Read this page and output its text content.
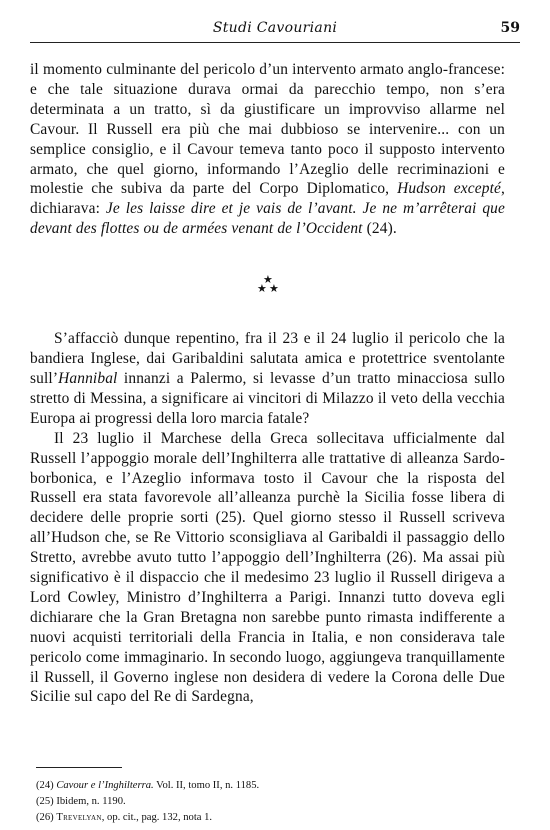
Studi Cavouriani	59

il momento culminante del pericolo d’un intervento armato anglo-francese: e che tale situazione durava ormai da parecchio tempo, non s’era determinata a un tratto, sì da giustificare un improvviso allarme nel Cavour. Il Russell era più che mai dubbioso se intervenire... con un semplice consiglio, e il Cavour temeva tanto poco il supposto intervento armato, che quel giorno, informando l’Azeglio delle recriminazioni e molestie che subiva da parte del Corpo Diplomatico, Hudson excepté, dichiarava: Je les laisse dire et je vais de l’avant. Je ne m’arrêterai que devant des flottes ou de armées venant de l’Occident (24).

★
★ ★

S’affacciò dunque repentino, fra il 23 e il 24 luglio il pericolo che la bandiera Inglese, dai Garibaldini salutata amica e protettrice sventolante sull’Hannibal innanzi a Palermo, si levasse d’un tratto minacciosa sullo stretto di Messina, a significare ai vincitori di Milazzo il veto della vecchia Europa ai progressi della loro marcia fatale?

Il 23 luglio il Marchese della Greca sollecitava ufficialmente dal Russell l’appoggio morale dell’Inghilterra alle trattative di alleanza Sardo-borbonica, e l’Azeglio informava tosto il Cavour che la risposta del Russell era stata favorevole all’alleanza purchè la Sicilia fosse libera di decidere delle proprie sorti (25). Quel giorno stesso il Russell scriveva all’Hudson che, se Re Vittorio sconsigliava al Garibaldi il passaggio dello Stretto, avrebbe avuto tutto l’appoggio dell’Inghilterra (26). Ma assai più significativo è il dispaccio che il medesimo 23 luglio il Russell dirigeva a Lord Cowley, Ministro d’Inghilterra a Parigi. Innanzi tutto doveva egli dichiarare che la Gran Bretagna non sarebbe punto rimasta indifferente a nuovi acquisti territoriali della Francia in Italia, e non considerava tale pericolo come immaginario. In secondo luogo, aggiungeva tranquillamente il Russell, il Governo inglese non desidera di vedere la Corona delle Due Sicilie sul capo del Re di Sardegna,

(24) Cavour e l’Inghilterra. Vol. II, tomo II, n. 1185.
(25) Ibidem, n. 1190.
(26) Trevelyan, op. cit., pag. 132, nota 1.
